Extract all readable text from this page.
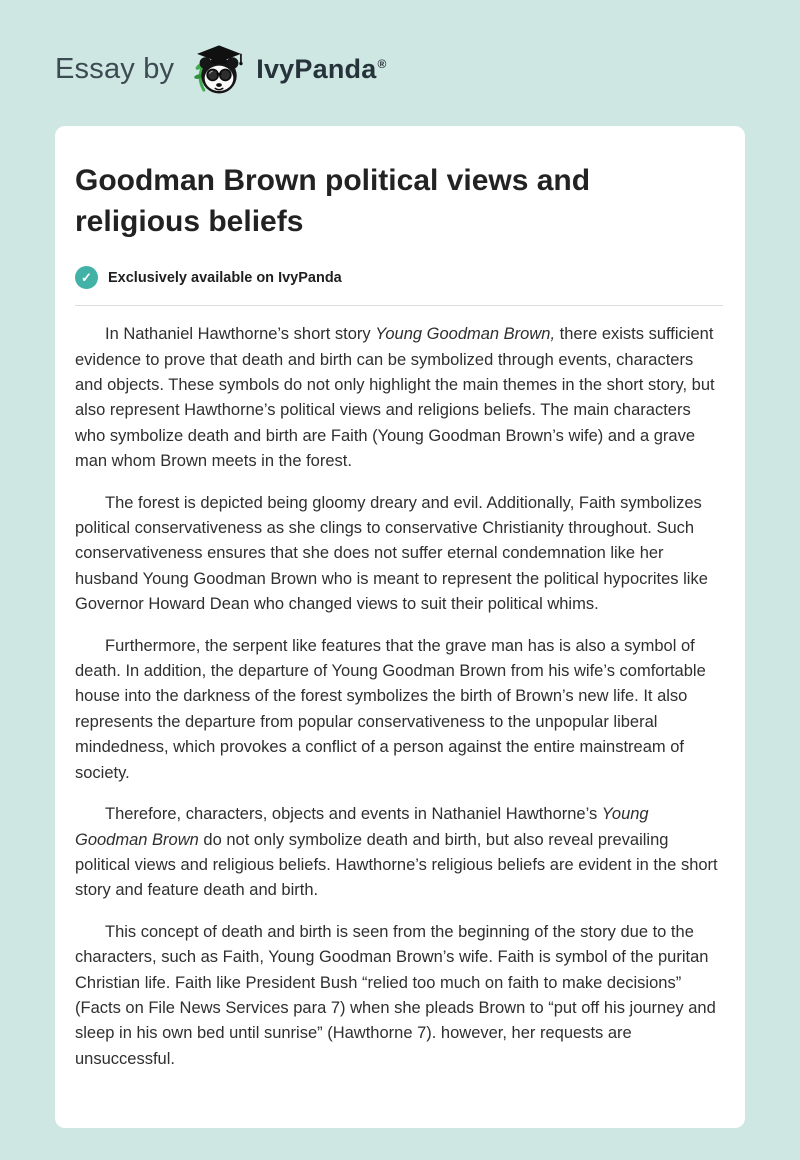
Essay by	IvyPanda®
Goodman Brown political views and religious beliefs
✓	Exclusively available on IvyPanda

In Nathaniel Hawthorne’s short story Young Goodman Brown, there exists sufficient evidence to prove that death and birth can be symbolized through events, characters and objects. These symbols do not only highlight the main themes in the short story, but also represent Hawthorne’s political views and religions beliefs. The main characters who symbolize death and birth are Faith (Young Goodman Brown’s wife) and a grave man whom Brown meets in the forest.

The forest is depicted being gloomy dreary and evil. Additionally, Faith symbolizes political conservativeness as she clings to conservative Christianity throughout. Such conservativeness ensures that she does not suffer eternal condemnation like her husband Young Goodman Brown who is meant to represent the political hypocrites like Governor Howard Dean who changed views to suit their political whims.

Furthermore, the serpent like features that the grave man has is also a symbol of death. In addition, the departure of Young Goodman Brown from his wife’s comfortable house into the darkness of the forest symbolizes the birth of Brown’s new life. It also represents the departure from popular conservativeness to the unpopular liberal mindedness, which provokes a conflict of a person against the entire mainstream of society.

Therefore, characters, objects and events in Nathaniel Hawthorne’s Young Goodman Brown do not only symbolize death and birth, but also reveal prevailing political views and religious beliefs. Hawthorne’s religious beliefs are evident in the short story and feature death and birth.

This concept of death and birth is seen from the beginning of the story due to the characters, such as Faith, Young Goodman Brown’s wife. Faith is symbol of the puritan Christian life. Faith like President Bush “relied too much on faith to make decisions” (Facts on File News Services para 7) when she pleads Brown to “put off his journey and sleep in his own bed until sunrise” (Hawthorne 7). however, her requests are unsuccessful.
